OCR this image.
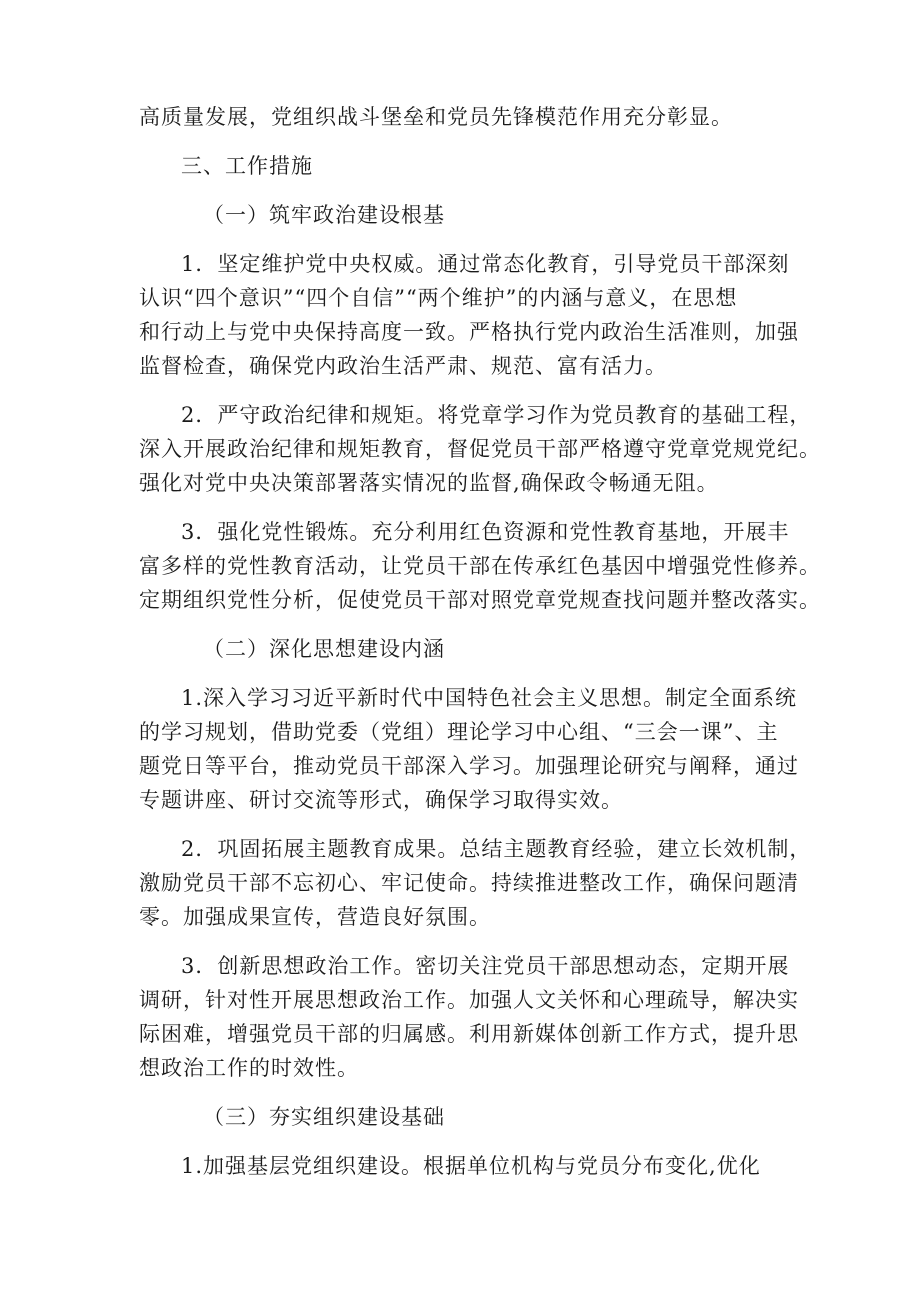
高质量发展，党组织战斗堡垒和党员先锋模范作用充分彰显。

三、工作措施

（一）筑牢政治建设根基

1．坚定维护党中央权威。通过常态化教育，引导党员干部深刻

认识“四个意识”“四个自信”“两个维护”的内涵与意义，在思想

和行动上与党中央保持高度一致。严格执行党内政治生活准则，加强

监督检查，确保党内政治生活严肃、规范、富有活力。

2．严守政治纪律和规矩。将党章学习作为党员教育的基础工程，

深入开展政治纪律和规矩教育，督促党员干部严格遵守党章党规党纪。

强化对党中央决策部署落实情况的监督,确保政令畅通无阻。

3．强化党性锻炼。充分利用红色资源和党性教育基地，开展丰

富多样的党性教育活动，让党员干部在传承红色基因中增强党性修养。

定期组织党性分析，促使党员干部对照党章党规查找问题并整改落实。

（二）深化思想建设内涵

1.深入学习习近平新时代中国特色社会主义思想。制定全面系统

的学习规划，借助党委（党组）理论学习中心组、“三会一课”、主

题党日等平台，推动党员干部深入学习。加强理论研究与阐释，通过

专题讲座、研讨交流等形式，确保学习取得实效。

2．巩固拓展主题教育成果。总结主题教育经验，建立长效机制，

激励党员干部不忘初心、牢记使命。持续推进整改工作，确保问题清

零。加强成果宣传，营造良好氛围。

3．创新思想政治工作。密切关注党员干部思想动态，定期开展

调研，针对性开展思想政治工作。加强人文关怀和心理疏导，解决实

际困难，增强党员干部的归属感。利用新媒体创新工作方式，提升思

想政治工作的时效性。

（三）夯实组织建设基础

1.加强基层党组织建设。根据单位机构与党员分布变化,优化
